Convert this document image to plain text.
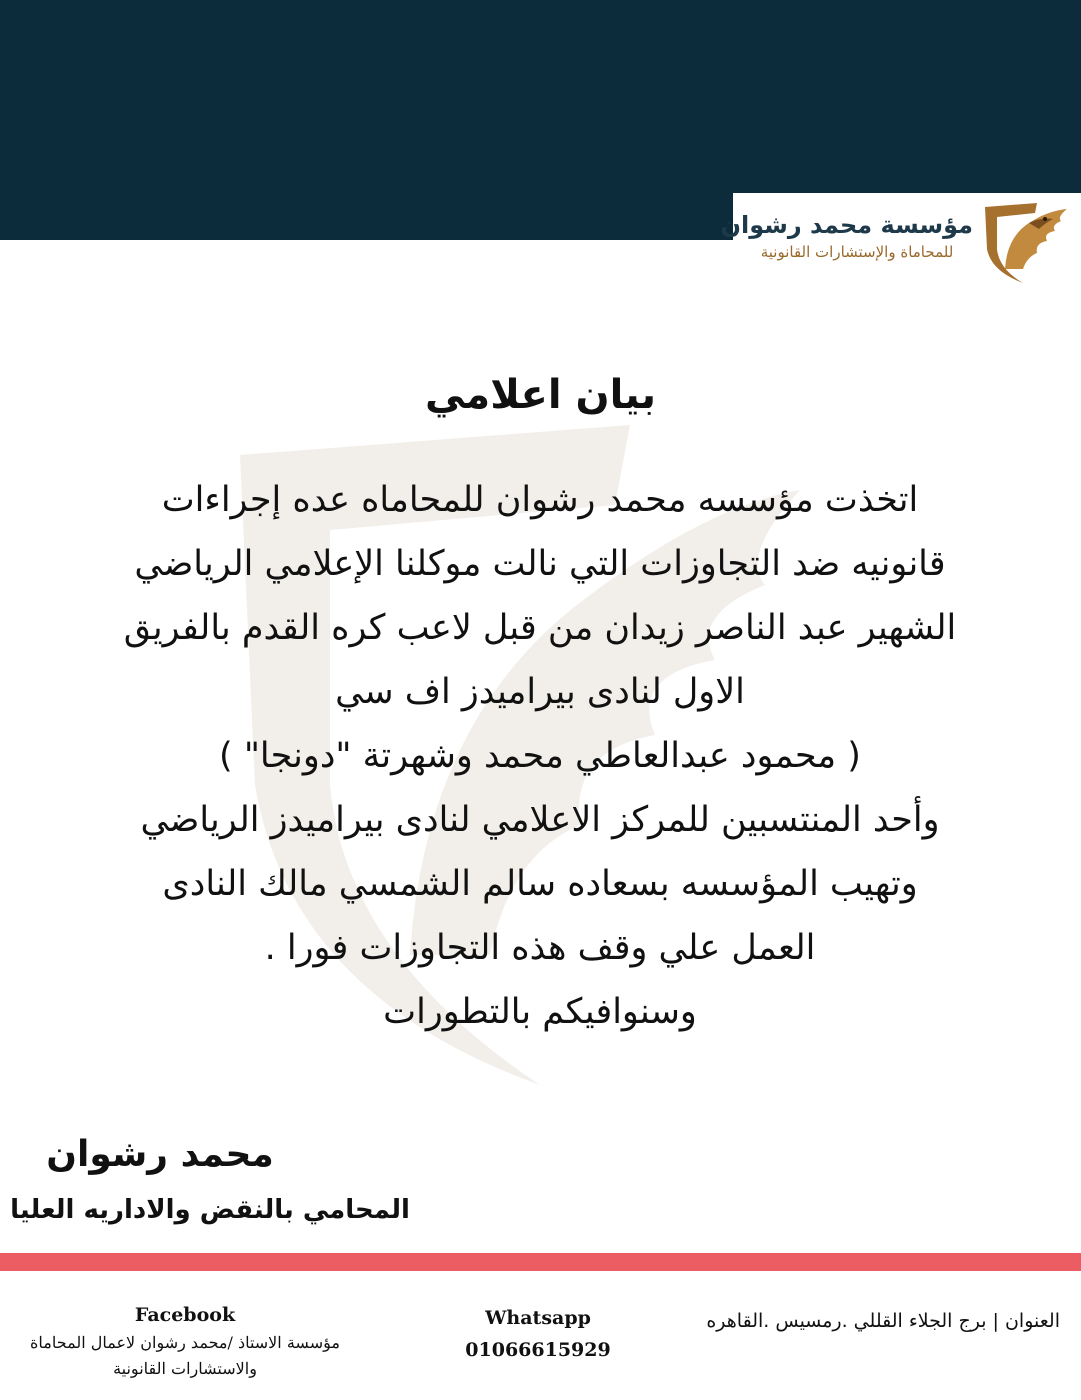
مؤسسة محمد رشوان
للمحاماة والإستشارات القانونية
بيان اعلامي
اتخذت مؤسسه محمد رشوان للمحاماه عده إجراءات
قانونيه ضد التجاوزات التي نالت موكلنا الإعلامي الرياضي
الشهير عبد الناصر زيدان من قبل لاعب كره القدم بالفريق
الاول لنادى بيراميدز اف سي
( محمود عبدالعاطي محمد وشهرتة "دونجا" )
وأحد المنتسبين للمركز الاعلامي لنادى بيراميدز الرياضي
وتهيب المؤسسه بسعاده سالم الشمسي مالك النادى
العمل علي وقف هذه التجاوزات فورا .
وسنوافيكم بالتطورات
محمد رشوان
المحامي بالنقض والاداريه العليا
العنوان | برج الجلاء القللي .رمسيس .القاهره
Whatsapp
01066615929
Facebook
مؤسسة الاستاذ /محمد رشوان لاعمال المحاماة
والاستشارات القانونية
